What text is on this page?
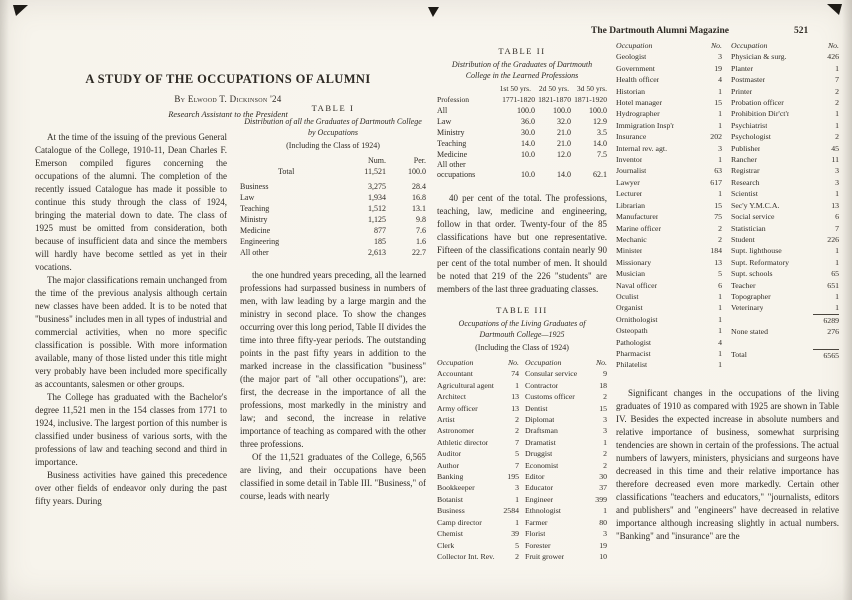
The Dartmouth Alumni Magazine	521
A STUDY OF THE OCCUPATIONS OF ALUMNI
By Elwood T. Dickinson '24
Research Assistant to the President

At the time of the issuing of the previous General Catalogue of the College, 1910-11, Dean Charles F. Emerson compiled figures concerning the occupations of the alumni. The completion of the recently issued Catalogue has made it possible to continue this study through the class of 1924, bringing the material down to date. The class of 1925 must be omitted from consideration, both because of insufficient data and since the members will hardly have become settled as yet in their vocations.

The major classifications remain unchanged from the time of the previous analysis although certain new classes have been added. It is to be noted that "business" includes men in all types of industrial and commercial activities, when no more specific classification is possible. With more information available, many of those listed under this title might very probably have been included more specifically as accountants, salesmen or other groups.

The College has graduated with the Bachelor's degree 11,521 men in the 154 classes from 1771 to 1924, inclusive. The largest portion of this number is classified under business of various sorts, with the professions of law and teaching second and third in importance.

Business activities have gained this precedence over other fields of endeavor only during the past fifty years. During

TABLE I
Distribution of all the Graduates of Dartmouth College by Occupations
(Including the Class of 1924)
Num.	Per.
Total	11,521	100.0
Business	3,275	28.4
Law	1,934	16.8
Teaching	1,512	13.1
Ministry	1,125	9.8
Medicine	877	7.6
Engineering	185	1.6
All other	2,613	22.7

the one hundred years preceding, all the learned professions had surpassed business in numbers of men, with law leading by a large margin and the ministry in second place. To show the changes occurring over this long period, Table II divides the time into three fifty-year periods. The outstanding points in the past fifty years in addition to the marked increase in the classification "business" (the major part of "all other occupations"), are: first, the decrease in the importance of all the professions, most markedly in the ministry and law; and second, the increase in relative importance of teaching as compared with the other three professions.

Of the 11,521 graduates of the College, 6,565 are living, and their occupations have been classified in some detail in Table III. "Business," of course, leads with nearly

TABLE II
Distribution of the Graduates of Dartmouth College in the Learned Professions
1st 50 yrs.	2d 50 yrs.	3d 50 yrs.
Profession	1771-1820 1821-1870 1871-1920
All	100.0	100.0	100.0
Law	36.0	32.0	12.9
Ministry	30.0	21.0	3.5
Teaching	14.0	21.0	14.0
Medicine	10.0	12.0	7.5
All other occupations	10.0	14.0	62.1

40 per cent of the total. The professions, teaching, law, medicine and engineering, follow in that order. Twenty-four of the 85 classifications have but one representative. Fifteen of the classifications contain nearly 90 per cent of the total number of men. It should be noted that 219 of the 226 "students" are members of the last three graduating classes.

TABLE III
Occupations of the Living Graduates of Dartmouth College—1925
(Including the Class of 1924)
Occupation	No.
Accountant	74
Agricultural agent	1
Architect	13
Army officer	13
Artist	2
Astronomer	2
Athletic director	7
Auditor	5
Author	7
Banking	195
Bookkeeper	3
Botanist	1
Business	2584
Camp director	1
Chemist	39
Clerk	5
Collector Int. Rev.	2
Occupation	No.
Consular service	9
Contractor	18
Customs officer	2
Dentist	15
Diplomat	3
Draftsman	3
Dramatist	1
Druggist	2
Economist	2
Editor	30
Educator	37
Engineer	399
Ethnologist	1
Farmer	80
Florist	3
Forester	19
Fruit grower	10
Occupation	No.
Geologist	3
Government	19
Health officer	4
Historian	1
Hotel manager	15
Hydrographer	1
Immigration Insp'r	1
Insurance	202
Internal rev. agt.	3
Inventor	1
Journalist	63
Lawyer	617
Lecturer	1
Librarian	15
Manufacturer	75
Marine officer	2
Mechanic	2
Minister	184
Missionary	13
Musician	5
Naval officer	6
Oculist	1
Organist	1
Ornithologist	1
Osteopath	1
Pathologist	4
Pharmacist	1
Philatelist	1
Occupation	No.
Physician & surg.	426
Planter	1
Postmaster	7
Printer	2
Probation officer	2
Prohibition Dir'ct'r	1
Psychiatrist	1
Psychologist	2
Publisher	45
Rancher	11
Registrar	3
Research	3
Scientist	1
Sec'y Y.M.C.A.	13
Social service	6
Statistician	7
Student	226
Supt. lighthouse	1
Supt. Reformatory	1
Supt. schools	65
Teacher	651
Topographer	1
Veterinary	1
6289
None stated	276
Total	6565

Significant changes in the occupations of the living graduates of 1910 as compared with 1925 are shown in Table IV. Besides the expected increase in absolute numbers and relative importance of business, somewhat surprising tendencies are shown in certain of the professions. The actual numbers of lawyers, ministers, physicians and surgeons have decreased in this time and their relative importance has therefore decreased even more markedly. Certain other classifications "teachers and educators," "journalists, editors and publishers" and "engineers" have decreased in relative importance although increasing slightly in actual numbers. "Banking" and "insurance" are the
